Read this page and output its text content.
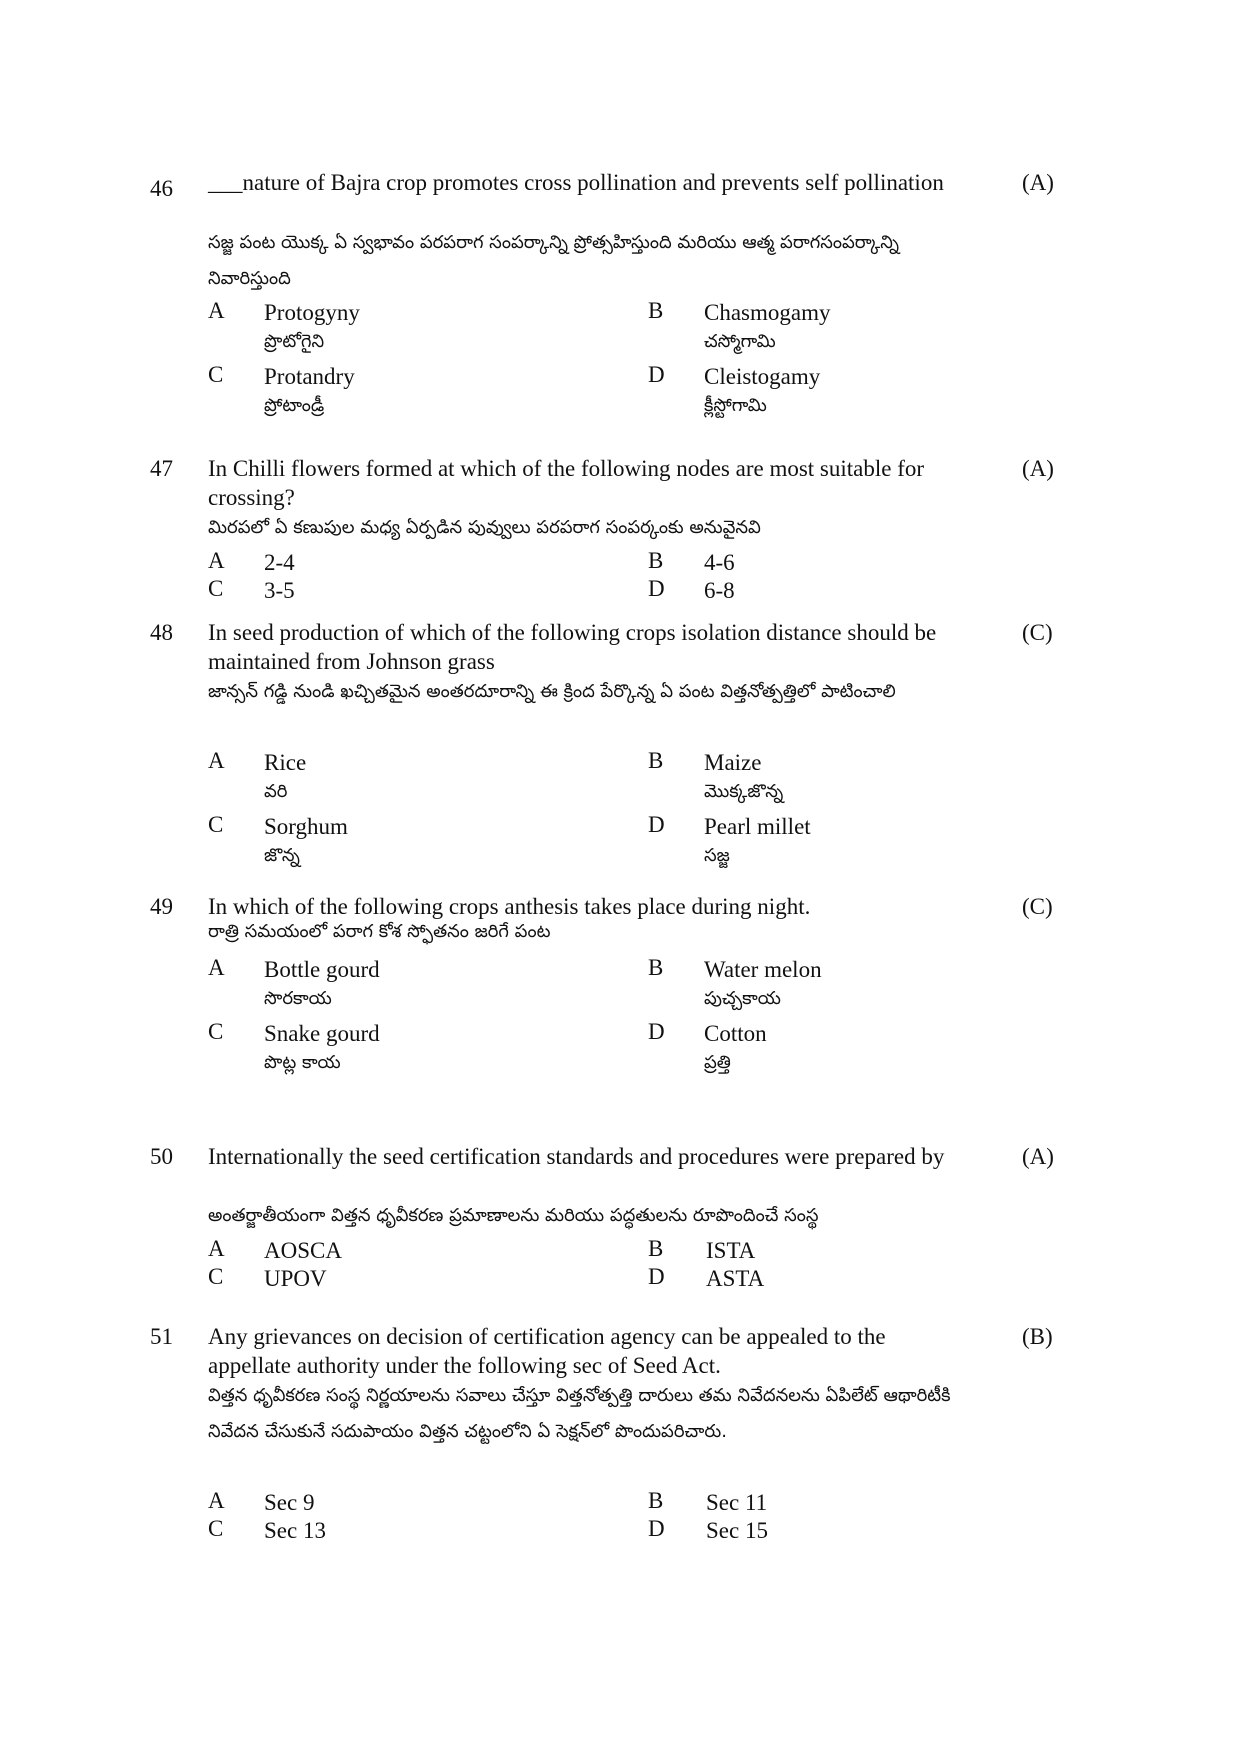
46 ___nature of Bajra crop promotes cross pollination and prevents self pollination	(A)
సజ్జ పంట యొక్క ఏ స్వభావం పరపరాగ సంపర్కాన్ని ప్రోత్సహిస్తుంది మరియు ఆత్మ పరాగసంపర్కాన్ని నివారిస్తుంది
A Protogyny
ప్రొటోగైని
B Chasmogamy
చస్మోగామి
C Protandry
ప్రోటాండ్రీ
D Cleistogamy
క్లీస్టోగామి
47 In Chilli flowers formed at which of the following nodes are most suitable for crossing?
(A)
మిరపలో ఏ కణుపుల మధ్య ఏర్పడిన పువ్వులు పరపరాగ సంపర్కంకు అనువైనవి
A 2-4	B 4-6
C 3-5	D 6-8
48 In seed production of which of the following crops isolation distance should be maintained from Johnson grass
(C)
జాన్సన్ గడ్డి నుండి ఖచ్చితమైన అంతరదూరాన్ని ఈ క్రింద పేర్కొన్న ఏ పంట విత్తనోత్పత్తిలో పాటించాలి
A Rice
వరి
B Maize
మొక్కజొన్న
C Sorghum
జొన్న
D Pearl millet
సజ్జ
49 In which of the following crops anthesis takes place during night.	(C)
రాత్రి సమయంలో పరాగ కోశ స్ఫోతనం జరిగే పంట
A Bottle gourd
సొరకాయ
B Water melon
పుచ్చకాయ
C Snake gourd
పొట్ల కాయ
D Cotton
ప్రత్తి
50 Internationally the seed certification standards and procedures were prepared by	(A)
అంతర్జాతీయంగా విత్తన ధృవీకరణ ప్రమాణాలను మరియు పద్ధతులను రూపొందించే సంస్థ
A AOSCA	B ISTA
C UPOV	D ASTA
51 Any grievances on decision of certification agency can be appealed to the appellate authority under the following sec of Seed Act.
(B)
విత్తన ధృవీకరణ సంస్థ నిర్ణయాలను సవాలు చేస్తూ విత్తనోత్పత్తి దారులు తమ నివేదనలను ఏపిలేట్ ఆథారిటీకి నివేదన చేసుకునే సదుపాయం విత్తన చట్టంలోని ఏ సెక్షన్‌లో పొందుపరిచారు.
A Sec 9	B Sec 11
C Sec 13	D Sec 15
